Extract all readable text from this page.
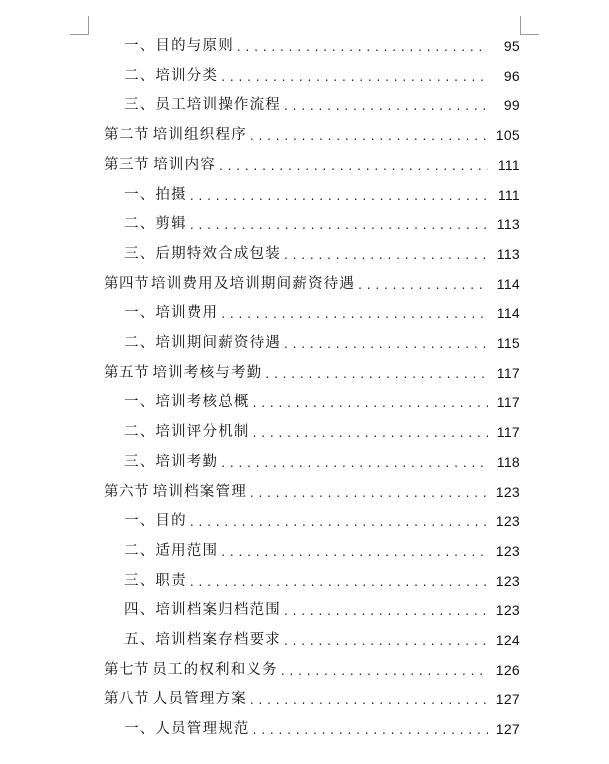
一、目的与原则 . . .	95
二、培训分类 . . .	96
三、员工培训操作流程 . . .	99
第二节 培训组织程序 . . .	105
第三节 培训内容 . . .	111
一、拍摄 . . .	111
二、剪辑 . . .	113
三、后期特效合成包装 . . .	113
第四节 培训费用及培训期间薪资待遇 . . .	114
一、培训费用 . . .	114
二、培训期间薪资待遇 . . .	115
第五节 培训考核与考勤 . . .	117
一、培训考核总概 . . .	117
二、培训评分机制 . . .	117
三、培训考勤 . . .	118
第六节 培训档案管理 . . .	123
一、目的 . . .	123
二、适用范围 . . .	123
三、职责 . . .	123
四、培训档案归档范围 . . .	123
五、培训档案存档要求 . . .	124
第七节 员工的权利和义务 . . .	126
第八节 人员管理方案 . . .	127
一、人员管理规范 . . .	127
